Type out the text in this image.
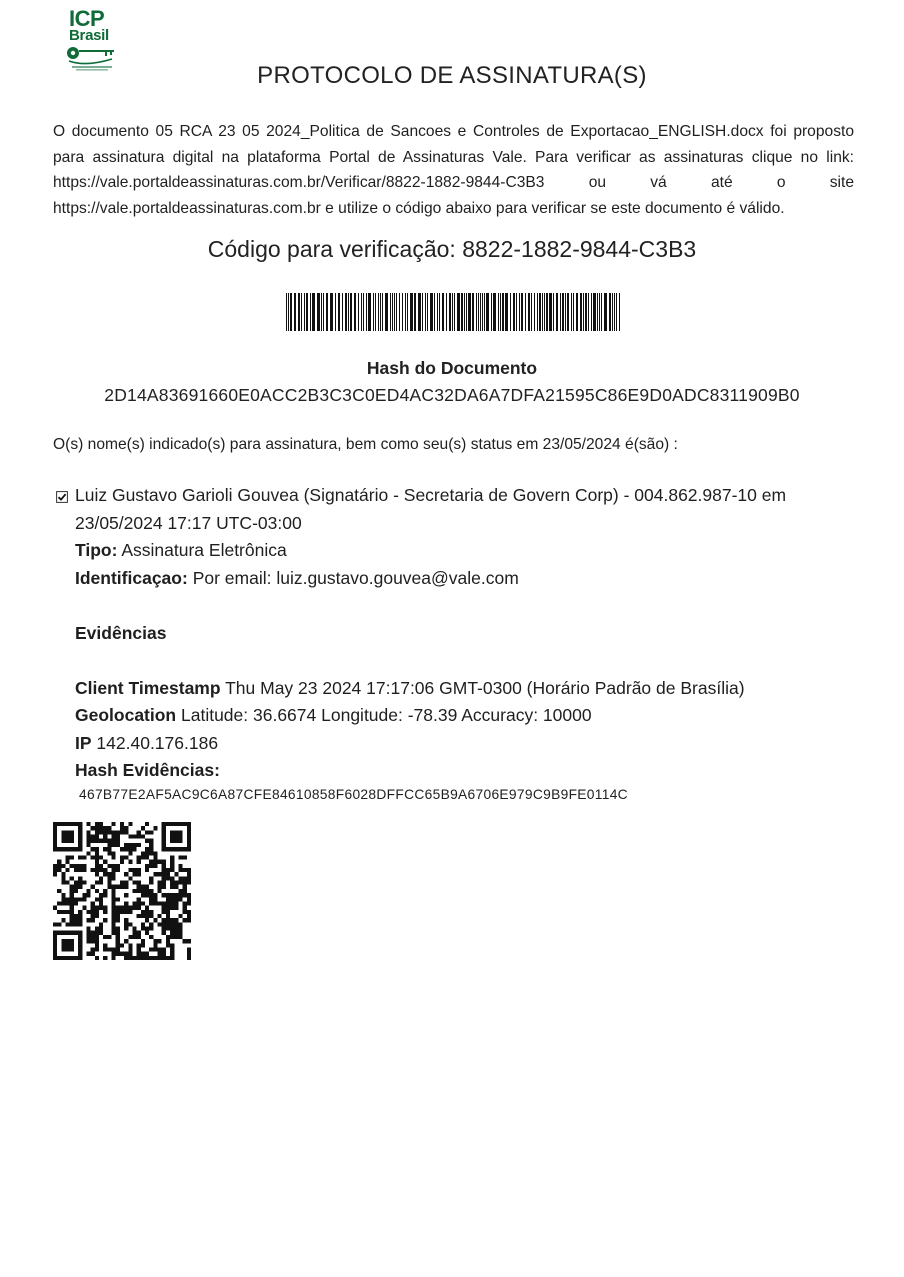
ICP
Brasil
PROTOCOLO DE ASSINATURA(S)
O documento 05 RCA 23 05 2024_Politica de Sancoes e Controles de Exportacao_ENGLISH.docx foi proposto para assinatura digital na plataforma Portal de Assinaturas Vale. Para verificar as assinaturas clique no link: https://vale.portaldeassinaturas.com.br/Verificar/8822-1882-9844-C3B3 ou vá até o site https://vale.portaldeassinaturas.com.br e utilize o código abaixo para verificar se este documento é válido.
Código para verificação: 8822-1882-9844-C3B3
Hash do Documento
2D14A83691660E0ACC2B3C3C0ED4AC32DA6A7DFA21595C86E9D0ADC8311909B0
O(s) nome(s) indicado(s) para assinatura, bem como seu(s) status em 23/05/2024 é(são) :
Luiz Gustavo Garioli Gouvea (Signatário - Secretaria de Govern Corp) - 004.862.987-10 em
23/05/2024 17:17 UTC-03:00
Tipo: Assinatura Eletrônica
Identificaçao: Por email: luiz.gustavo.gouvea@vale.com
Evidências
Client Timestamp Thu May 23 2024 17:17:06 GMT-0300 (Horário Padrão de Brasília)
Geolocation Latitude: 36.6674 Longitude: -78.39 Accuracy: 10000
IP 142.40.176.186
Hash Evidências:
467B77E2AF5AC9C6A87CFE84610858F6028DFFCC65B9A6706E979C9B9FE0114C
